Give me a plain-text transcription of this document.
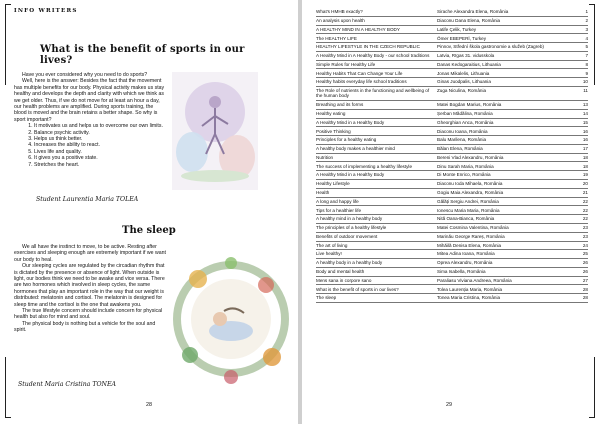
INFO WRITERS
What is the benefit of sports in our lives?

Have you ever considered why you need to do sports?

Well, here is the answer: Besides the fact that the movement has multiple benefits for our body. Physical activity makes us stay healthy and develops the depth and clarity with which we think as we get older. Thus, if we do not move for at least an hour a day, our health problems are amplified. During sports training, the blood is moved and the brain retains a better shape. So why is sport important?

1. It motivates us and helps us to overcome our own limits.
2. Balance psychic activity.
3. Helps us think better.
4. Increases the ability to react.
5. Lives life and quality.
6. It gives you a positive state.
7. Stretches the heart.
Student Laurentia Maria TOLEA
The sleep

We all have the instinct to move, to be active. Resting after exercises and sleeping enough are extremely important if we want our body to heal.

Our sleeping cycles are regulated by the circadian rhythm that is dictated by the presence or absence of light. When outside is light, our bodies think we need to be awake and vice versa. There are two hormones which involved in sleep cycles, the same hormones that play an important role in the way that our weight is distributed: melatonin and cortisol. The melatonin is designed for sleep time and the cortisol is the one that awakens you.

The true lifestyle concern should include concern for physical health but also for mind and soul.

The physical body is nothing but a vehicle for the soul and spirit.

Student Maria Cristina TONEA
28
What's HMHB exactly?	Sirache Alexandra Elena, România	1
An analysis upon health	Diaconu Dana Elena, România	2
A HEALTHY MIND IN A HEALTHY BODY	Latife Çelik, Turkey	3
The HEALTHY LIFE	Ömer EBEPERİ, Turkey	4
HEALTHY LIFESTYLE IN THE CZECH REPUBLIC	Pinnov, Střední škola gastronomie a služeb (Zagreb)	5
A Healthy Mind in A Healthy Body - our school traditions	Latvia, Rīgas 31. vidusskola	7
Simple Rules for Healthy Life	Danas Kedogaraitius, Lithuania	8
Healthy Habits That Can Change Your Life	Jonas Mikalelis, Lithuania	9
Healthy habits everyday life school traditions	Ginas Juodpalis, Lithuania	10
The Role of nutrients in the functioning and wellbeing of the human body
Zuga Niculina, România	11
Breathing and its forms	Matei Bogdan Marius, România	13
Healthy eating	Șerban Mădălina, România	14
A Healthy Mind in a Healthy Body	Gheorghian Anca, România	15
Positive Thinking	Diaconu Ioana, România	16
Principles for a healthy eating	Balu Marilena, România	16
A healthy body makes a healthier mind	Bălan Elena, România	17
Nutrition	Bereni Vlad Alexandru, România	18
The success of implementing a healthy lifestyle	Dinu Sarah Maria, România	18
A Healthy Mind in a Healthy Body	Di Monte Enrico, România	19
Healthy Lifestyle	Diaconu Ioda Mihaela, România	20
Health	Gogiu Maia Alexandra, România	21
A long and happy life	Gălăți Sergiu Andrei, România	22
Tips for a healthier life	Ionescu Maria Maria, România	22
A healthy mind in a healthy body	Nită Oana-Bianca, România	22
The principles of a healthy lifestyle	Matei Cosmina Valentina, România	23
Benefits of outdoor movement	Marinău George Rareș, România	23
The art of living	Mihăilă Denisa Elena, România	24
Live healthy!	Mitea Adina Ioana, România	25
A healthy body in a healthy body	Oprea Alexandru, România	26
Body and mental health	Sima Isabella, România	26
Mens sana in corpore sano	Paraliasu Viviana Andreea, România	27
What is the benefit of sports in our lives?	Tolea Laurenția Maria, România	28
The sleep	Tonea Maria Cristina, România	28
29
